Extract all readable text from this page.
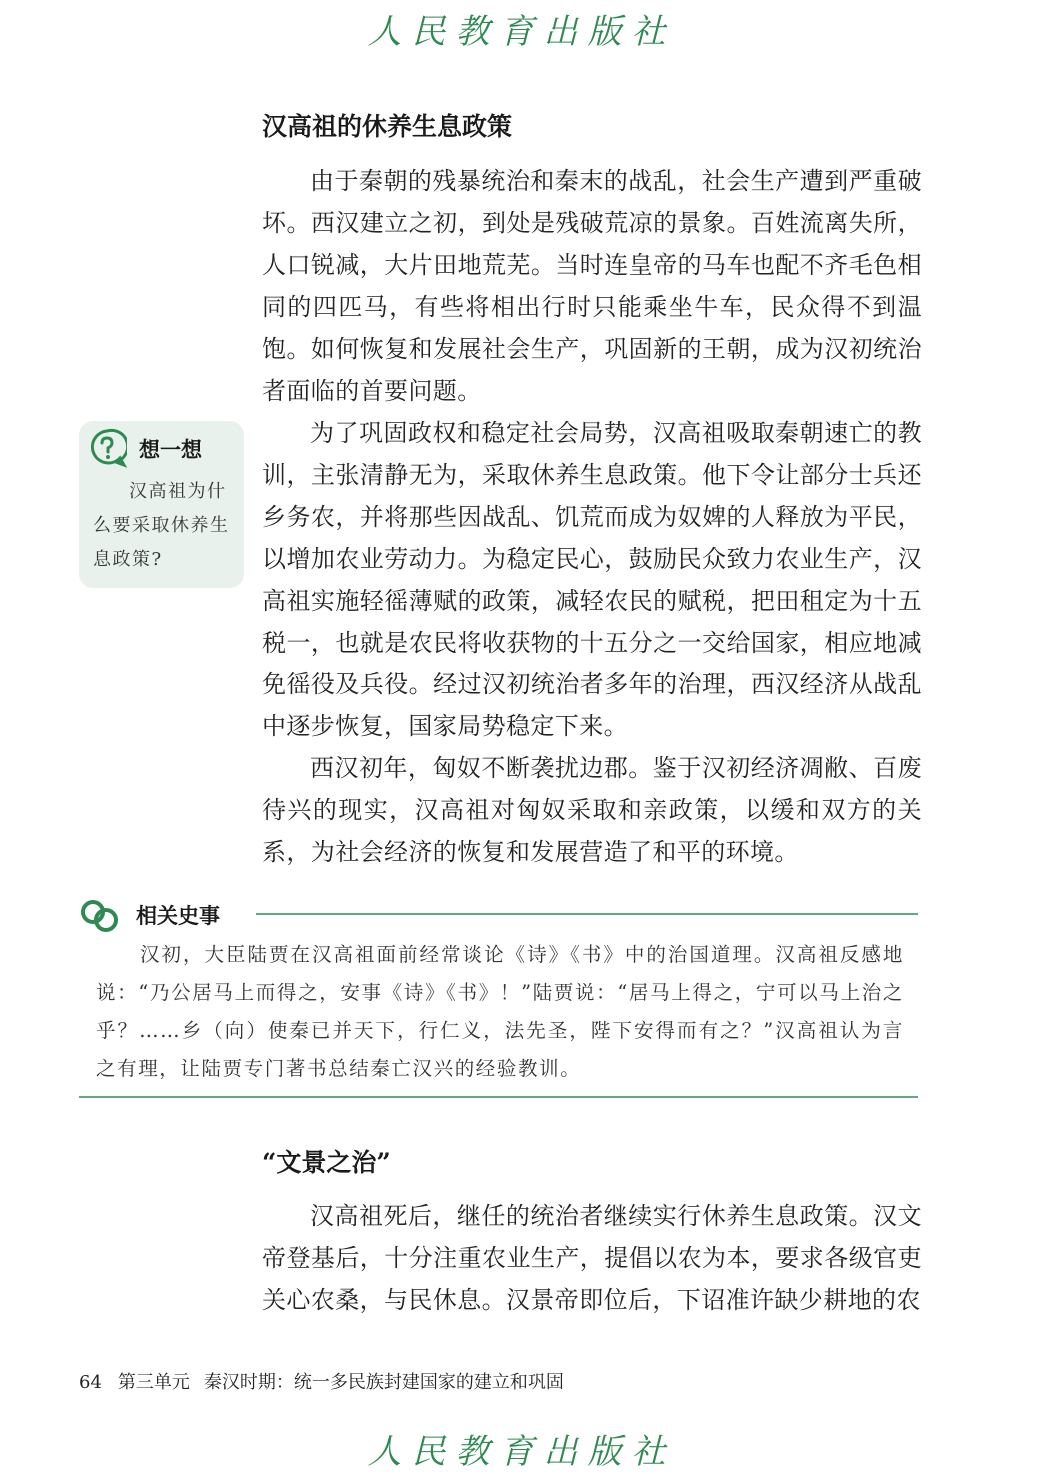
人民教育出版社
汉高祖的休养生息政策

由于秦朝的残暴统治和秦末的战乱，社会生产遭到严重破坏。西汉建立之初，到处是残破荒凉的景象。百姓流离失所，人口锐减，大片田地荒芜。当时连皇帝的马车也配不齐毛色相同的四匹马，有些将相出行时只能乘坐牛车，民众得不到温饱。如何恢复和发展社会生产，巩固新的王朝，成为汉初统治者面临的首要问题。

为了巩固政权和稳定社会局势，汉高祖吸取秦朝速亡的教训，主张清静无为，采取休养生息政策。他下令让部分士兵还乡务农，并将那些因战乱、饥荒而成为奴婢的人释放为平民，以增加农业劳动力。为稳定民心，鼓励民众致力农业生产，汉高祖实施轻徭薄赋的政策，减轻农民的赋税，把田租定为十五税一，也就是农民将收获物的十五分之一交给国家，相应地减免徭役及兵役。经过汉初统治者多年的治理，西汉经济从战乱中逐步恢复，国家局势稳定下来。

西汉初年，匈奴不断袭扰边郡。鉴于汉初经济凋敝、百废待兴的现实，汉高祖对匈奴采取和亲政策，以缓和双方的关系，为社会经济的恢复和发展营造了和平的环境。

想一想

汉高祖为什么要采取休养生息政策?

相关史事

汉初，大臣陆贾在汉高祖面前经常谈论《诗》《书》中的治国道理。汉高祖反感地说：“乃公居马上而得之，安事《诗》《书》！”陆贾说：“居马上得之，宁可以马上治之乎？……乡（向）使秦已并天下，行仁义，法先圣，陛下安得而有之？”汉高祖认为言之有理，让陆贾专门著书总结秦亡汉兴的经验教训。

“文景之治”

汉高祖死后，继任的统治者继续实行休养生息政策。汉文帝登基后，十分注重农业生产，提倡以农为本，要求各级官吏关心农桑，与民休息。汉景帝即位后，下诏准许缺少耕地的农

64 第三单元 秦汉时期：统一多民族封建国家的建立和巩固
人民教育出版社
